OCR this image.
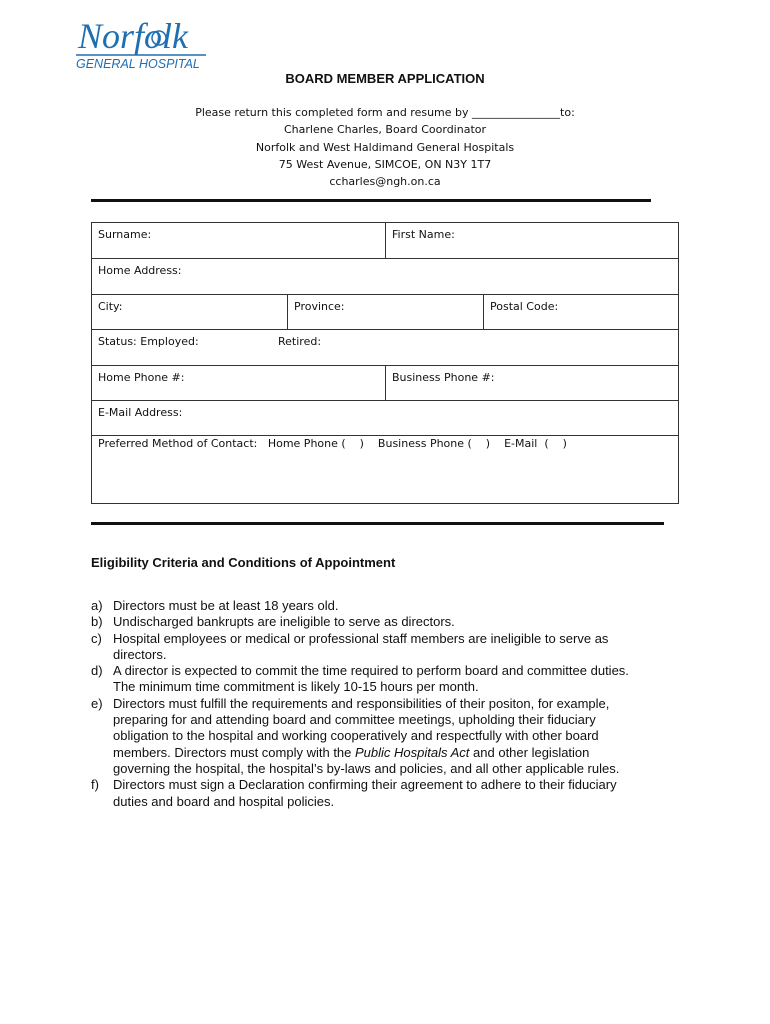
Norfolk
GENERAL HOSPITAL
BOARD MEMBER APPLICATION
Please return this completed form and resume by ________________to:
Charlene Charles, Board Coordinator
Norfolk and West Haldimand General Hospitals
75 West Avenue, SIMCOE, ON N3Y 1T7
ccharles@ngh.on.ca
Surname:	First Name:
Home Address:
City:	Province:	Postal Code:
Status: Employed:	Retired:
Home Phone #:	Business Phone #:
E-Mail Address:
Preferred Method of Contact:   Home Phone (    )    Business Phone (    )    E-Mail  (    )
Eligibility Criteria and Conditions of Appointment
a) Directors must be at least 18 years old.
b) Undischarged bankrupts are ineligible to serve as directors.
c) Hospital employees or medical or professional staff members are ineligible to serve as
directors.
d) A director is expected to commit the time required to perform board and committee duties.
The minimum time commitment is likely 10-15 hours per month.
e) Directors must fulfill the requirements and responsibilities of their positon, for example,
preparing for and attending board and committee meetings, upholding their fiduciary
obligation to the hospital and working cooperatively and respectfully with other board
members. Directors must comply with the Public Hospitals Act and other legislation
governing the hospital, the hospital’s by-laws and policies, and all other applicable rules.
f) Directors must sign a Declaration confirming their agreement to adhere to their fiduciary
duties and board and hospital policies.
